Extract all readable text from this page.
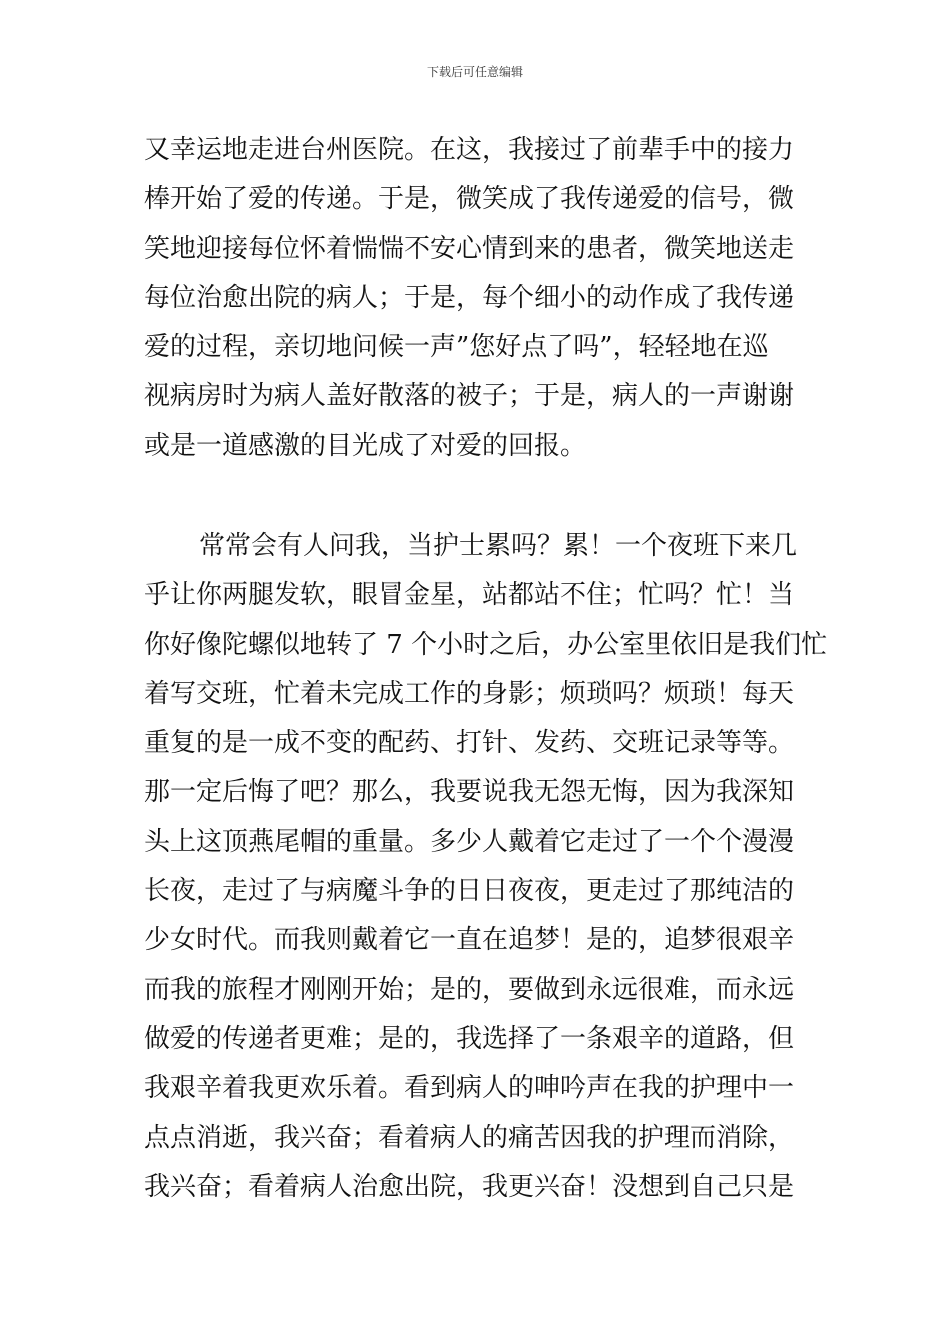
下载后可任意编辑
又幸运地走进台州医院。在这，我接过了前辈手中的接力
棒开始了爱的传递。于是，微笑成了我传递爱的信号，微
笑地迎接每位怀着惴惴不安心情到来的患者，微笑地送走
每位治愈出院的病人；于是，每个细小的动作成了我传递
爱的过程，亲切地问候一声”您好点了吗”，轻轻地在巡
视病房时为病人盖好散落的被子；于是，病人的一声谢谢
或是一道感激的目光成了对爱的回报。
常常会有人问我，当护士累吗？累！一个夜班下来几
乎让你两腿发软，眼冒金星，站都站不住；忙吗？忙！当
你好像陀螺似地转了 7 个小时之后，办公室里依旧是我们忙
着写交班，忙着未完成工作的身影；烦琐吗？烦琐！每天
重复的是一成不变的配药、打针、发药、交班记录等等。
那一定后悔了吧？那么，我要说我无怨无悔，因为我深知
头上这顶燕尾帽的重量。多少人戴着它走过了一个个漫漫
长夜，走过了与病魔斗争的日日夜夜，更走过了那纯洁的
少女时代。而我则戴着它一直在追梦！是的，追梦很艰辛
而我的旅程才刚刚开始；是的，要做到永远很难，而永远
做爱的传递者更难；是的，我选择了一条艰辛的道路，但
我艰辛着我更欢乐着。看到病人的呻吟声在我的护理中一
点点消逝，我兴奋；看着病人的痛苦因我的护理而消除，
我兴奋；看着病人治愈出院，我更兴奋！没想到自己只是
